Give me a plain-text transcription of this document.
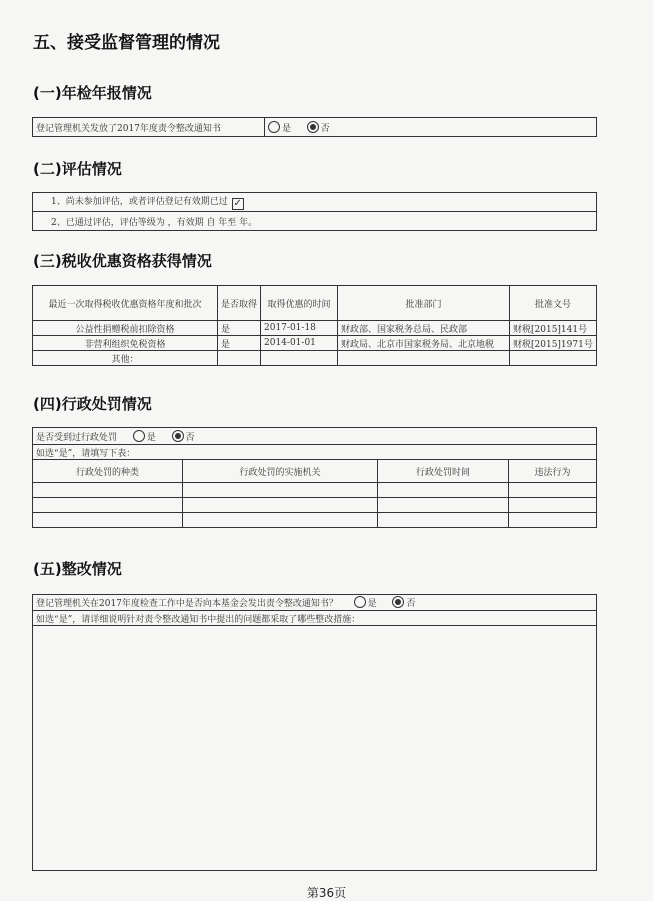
五、接受监督管理的情况
(一)年检年报情况
登记管理机关发放了2017年度责令整改通知书	是	否
(二)评估情况
1、尚未参加评估，或者评估登记有效期已过 ✓
2、已通过评估，评估等级为 ，有效期 自 年至 年。
(三)税收优惠资格获得情况
最近一次取得税收优惠资格年度和批次	是否取得	取得优惠的时间	批准部门	批准文号
公益性捐赠税前扣除资格	是	2017-01-18	财政部、国家税务总局、民政部	财税[2015]141号
非营利组织免税资格	是	2014-01-01	财政局、北京市国家税务局、北京地税	财税[2015]1971号
其他：				
(四)行政处罚情况
是否受到过行政处罚 是 否			
如选“是”，请填写下表：			
行政处罚的种类	行政处罚的实施机关	行政处罚时间	违法行为

(五)整改情况
登记管理机关在2017年度检查工作中是否向本基金会发出责令整改通知书？	是	否
如选“是”，请详细说明针对责令整改通知书中提出的问题都采取了哪些整改措施：

第36页
